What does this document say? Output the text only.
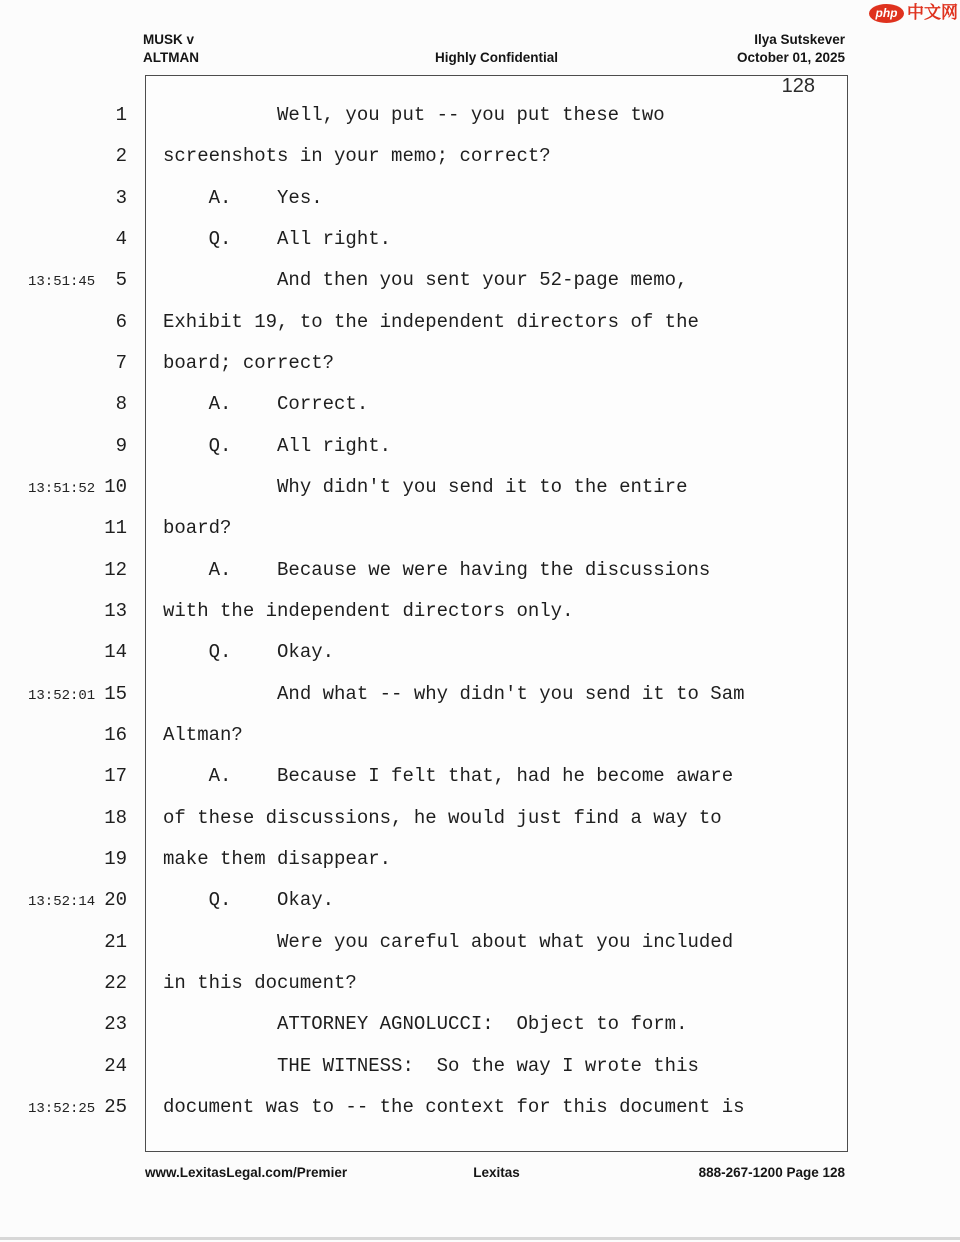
php 中文网
MUSK v
ALTMAN	Highly Confidential
Ilya Sutskever
October 01, 2025
128
1 Well, you put -- you put these two
2 screenshots in your memo; correct?
3 A.    Yes.
4 Q.    All right.
13:51:45	5 And then you sent your 52-page memo,
6 Exhibit 19, to the independent directors of the
7 board; correct?
8 A.    Correct.
9 Q.    All right.
13:51:52 10 Why didn't you send it to the entire
11 board?
12 A.    Because we were having the discussions
13 with the independent directors only.
14 Q.    Okay.
13:52:01 15 And what -- why didn't you send it to Sam
16 Altman?
17 A.    Because I felt that, had he become aware
18 of these discussions, he would just find a way to
19 make them disappear.
13:52:14 20 Q.    Okay.
21 Were you careful about what you included
22 in this document?
23 ATTORNEY AGNOLUCCI:  Object to form.
24 THE WITNESS:  So the way I wrote this
13:52:25 25 document was to -- the context for this document is
www.LexitasLegal.com/Premier	Lexitas	888-267-1200 Page 128
